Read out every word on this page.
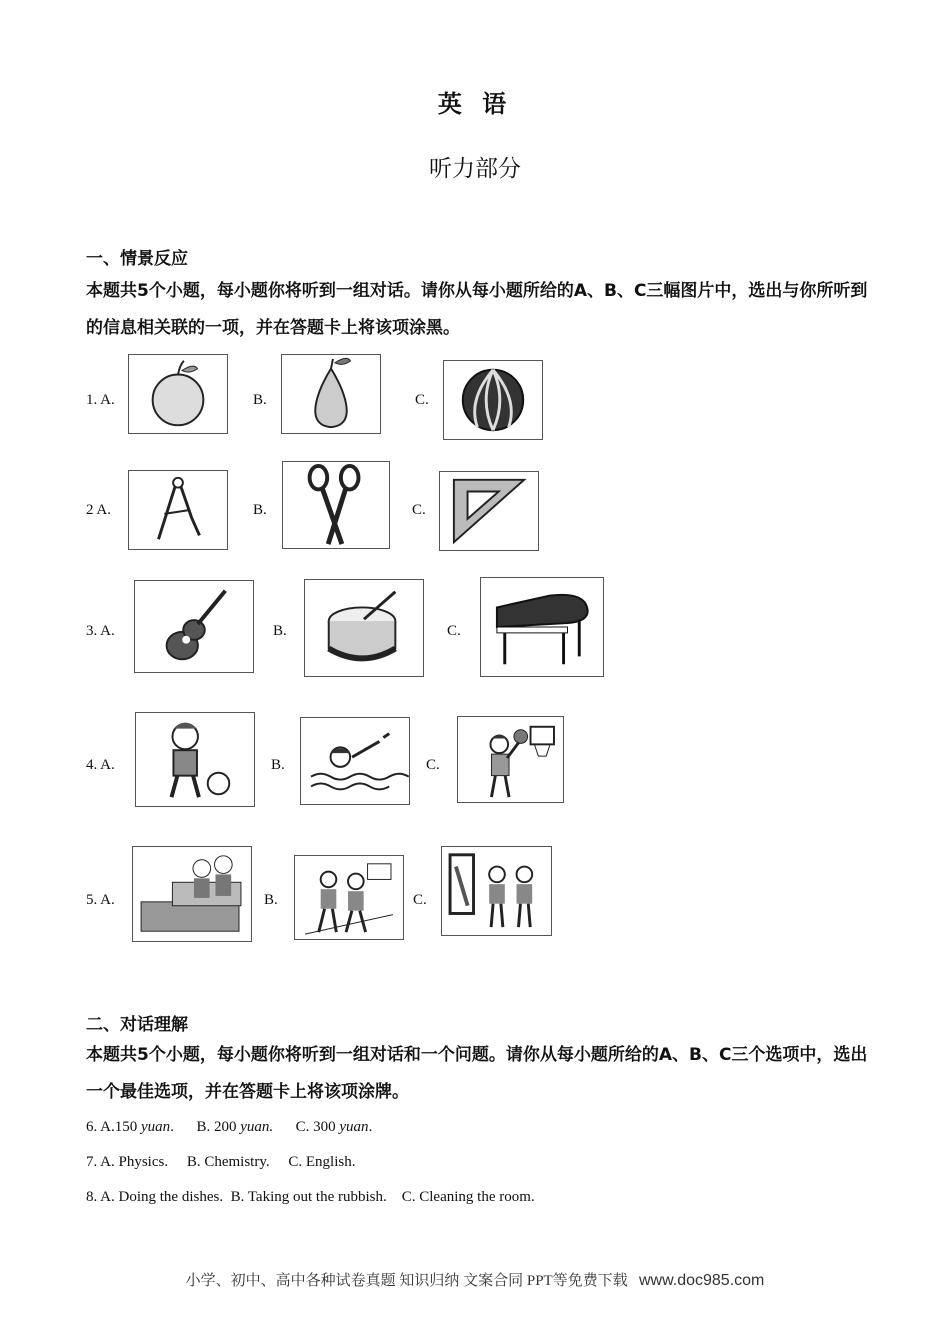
英 语
听力部分
一、情景反应
本题共5个小题，每小题你将听到一组对话。请你从每小题所给的A、B、C三幅图片中，选出与你所听到的信息相关联的一项，并在答题卡上将该项涂黑。
1. A.	B.	C.
2 A.	B.	C.
3. A.	B.	C.
4. A.	B.	C.
5. A.	B.	C.
二、对话理解
本题共5个小题，每小题你将听到一组对话和一个问题。请你从每小题所给的A、B、C三个选项中，选出一个最佳选项，并在答题卡上将该项涂牌。
6. A.150 yuan. B. 200 yuan. C. 300 yuan.
7. A. Physics.     B. Chemistry.     C. English.
8. A. Doing the dishes.  B. Taking out the rubbish.    C. Cleaning the room.
小学、初中、高中各种试卷真题 知识归纳 文案合同 PPT等免费下载 www.doc985.com
